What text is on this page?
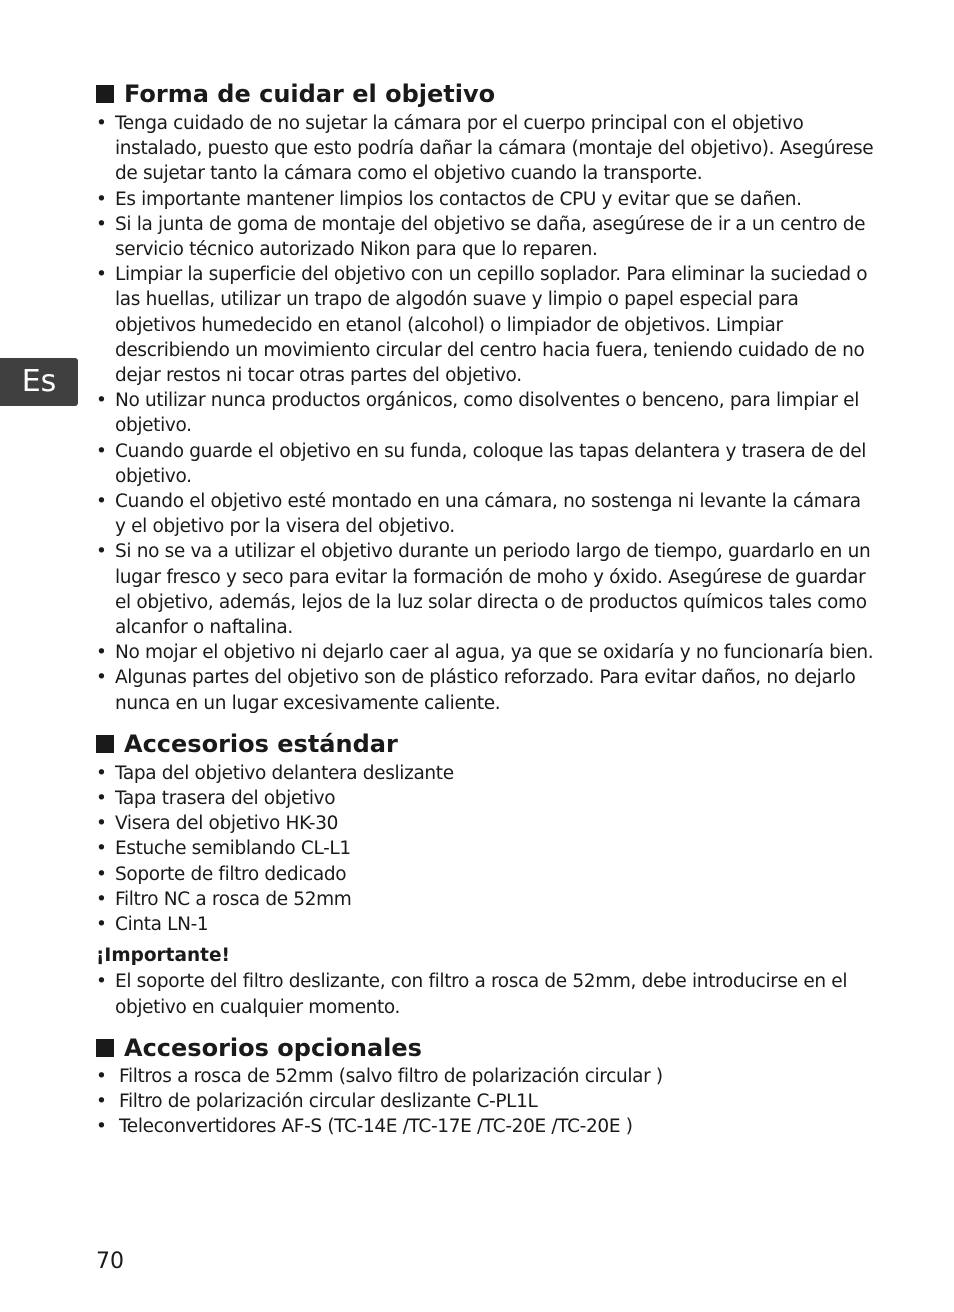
Es
Forma de cuidar el objetivo
• Tenga cuidado de no sujetar la cámara por el cuerpo principal con el objetivo instalado, puesto que esto podría dañar la cámara (montaje del objetivo). Asegúrese de sujetar tanto la cámara como el objetivo cuando la transporte.
• Es importante mantener limpios los contactos de CPU y evitar que se dañen.
• Si la junta de goma de montaje del objetivo se daña, asegúrese de ir a un centro de servicio técnico autorizado Nikon para que lo reparen.
• Limpiar la superficie del objetivo con un cepillo soplador. Para eliminar la suciedad o las huellas, utilizar un trapo de algodón suave y limpio o papel especial para objetivos humedecido en etanol (alcohol) o limpiador de objetivos. Limpiar describiendo un movimiento circular del centro hacia fuera, teniendo cuidado de no dejar restos ni tocar otras partes del objetivo.
• No utilizar nunca productos orgánicos, como disolventes o benceno, para limpiar el objetivo.
• Cuando guarde el objetivo en su funda, coloque las tapas delantera y trasera de del objetivo.
• Cuando el objetivo esté montado en una cámara, no sostenga ni levante la cámara y el objetivo por la visera del objetivo.
• Si no se va a utilizar el objetivo durante un periodo largo de tiempo, guardarlo en un lugar fresco y seco para evitar la formación de moho y óxido. Asegúrese de guardar el objetivo, además, lejos de la luz solar directa o de productos químicos tales como alcanfor o naftalina.
• No mojar el objetivo ni dejarlo caer al agua, ya que se oxidaría y no funcionaría bien.
• Algunas partes del objetivo son de plástico reforzado. Para evitar daños, no dejarlo nunca en un lugar excesivamente caliente.
Accesorios estándar
• Tapa del objetivo delantera deslizante
• Tapa trasera del objetivo
• Visera del objetivo HK-30
• Estuche semiblando CL-L1
• Soporte de filtro dedicado
• Filtro NC a rosca de 52mm
• Cinta LN-1
¡Importante!
• El soporte del filtro deslizante, con filtro a rosca de 52mm, debe introducirse en el objetivo en cualquier momento.
Accesorios opcionales
• Filtros a rosca de 52mm (salvo filtro de polarización circular )
• Filtro de polarización circular deslizante C-PL1L
• Teleconvertidores AF-S (TC-14E /TC-17E /TC-20E /TC-20E )
70
